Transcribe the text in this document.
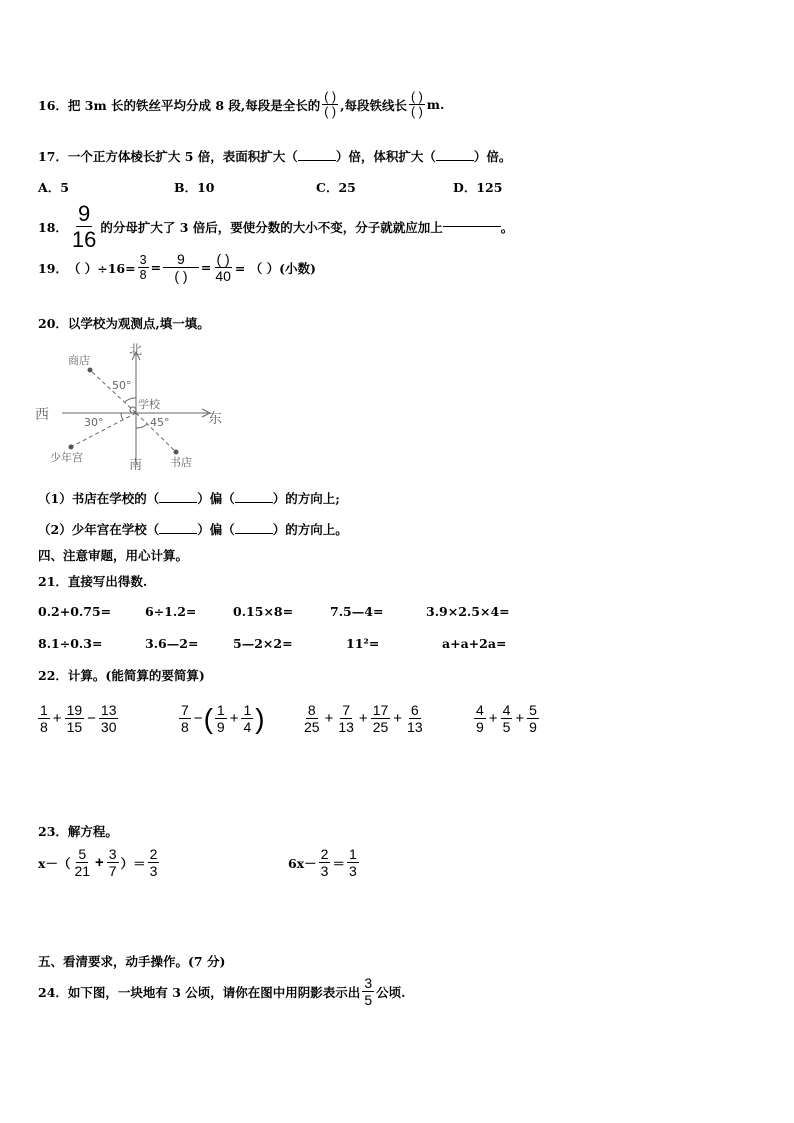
16． 把 3m 长的铁丝平均分成 8 段,每段是全长的 $\frac{( )}{( )}$ ,每段铁线长 $\frac{( )}{( )} m$.
17．一个正方体棱长扩大 5 倍，表面积扩大（	）倍，体积扩大（	）倍。
A．5	B．10	C．25	D．125
18． $\frac{9}{16}$ 的分母扩大了 3 倍后，要使分数的大小不变，分子就就应加上	。
19． （ ）$\div 16= \frac{3}{8} = \frac{9}{( )} = \frac{( )}{40}$ = （ ）(小数)
20．以学校为观测点,填一填。
北
南
西	东
学校
商店
书店
少年宫
50°
30°	45°
（1）书店在学校的（	）偏（	）的方向上;
（2）少年宫在学校（	）偏（	）的方向上。
四、注意审题，用心计算。
21．直接写出得数.
0.2+0.75=	6÷1.2=	0.15×8=	7.5—4=	3.9×2.5×4=
8.1÷0.3=	3.6—2=	5—2×2=	11²=	a+a+2a=
22．计算。(能简算的要简算)
$\frac{1}{8} + \frac{19}{15} - \frac{13}{30}$	$\frac{7}{8}$ − ( $\frac{1}{9} + \frac{1}{4}$ )	$\frac{8}{25} + \frac{7}{13} + \frac{17}{25} + \frac{6}{13}$	$\frac{4}{9} + \frac{4}{5} + \frac{5}{9}$
23．解方程。
$x-( \frac{5}{21} + \frac{3}{7}$ ）＝ $\frac{2}{3}$	$6x- \frac{2}{3} = \frac{1}{3}$
五、看清要求，动手操作。(7 分)
24． 如下图，一块地有 3 公顷，请你在图中用阴影表示出 $\frac{3}{5}$ 公顷.
